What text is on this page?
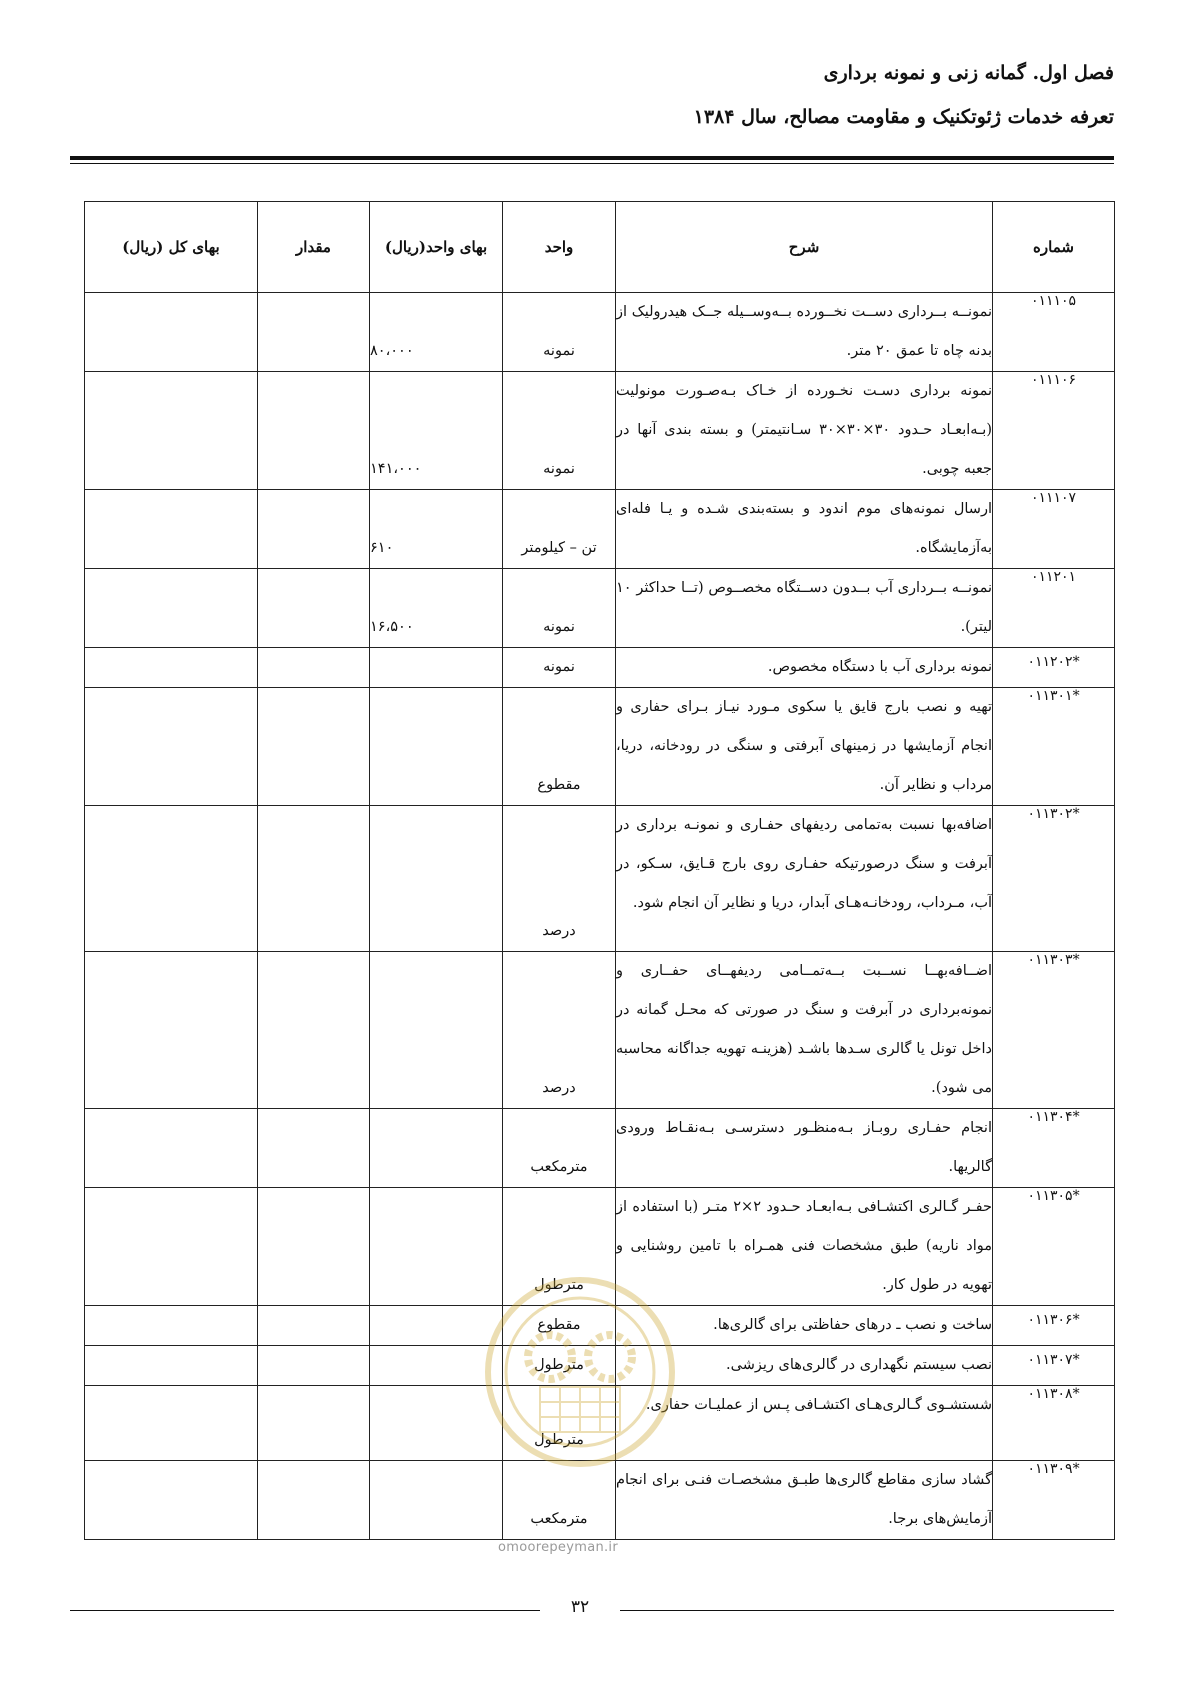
فصل اول. گمانه زنی و نمونه برداری
تعرفه خدمات ژئوتکنیک و مقاومت مصالح، سال ۱۳۸۴
شماره	شرح	واحد	بهای واحد(ریال)	مقدار	بهای کل (ریال)
۰۱۱۱۰۵	نمونــه بــرداری دســت نخــورده بــه‌وســیله جــک هیدرولیک از بدنه چاه تا عمق ۲۰ متر.	نمونه	۸۰،۰۰۰		
۰۱۱۱۰۶	نمونه برداری دسـت نخـورده از خـاک بـه‌صـورت مونولیت (بـه‌ابعـاد حـدود ۳۰×۳۰×۳۰ سـانتیمتر) و بسته بندی آنها در جعبه چوبی.	نمونه	۱۴۱،۰۰۰		
۰۱۱۱۰۷	ارسال نمونه‌های موم اندود و بسته‌بندی شـده و یـا فله‌ای به‌آزمایشگاه.	تن – کیلومتر	۶۱۰		
۰۱۱۲۰۱	نمونــه بــرداری آب بــدون دســتگاه مخصــوص (تــا حداکثر ۱۰ لیتر).	نمونه	۱۶،۵۰۰		
*۰۱۱۲۰۲	نمونه برداری آب با دستگاه مخصوص.	نمونه			
*۰۱۱۳۰۱	تهیه و نصب بارج قایق یا سکوی مـورد نیـاز بـرای حفاری و انجام آزمایشها در زمینهای آبرفتی و سنگی در رودخانه، دریا، مرداب و نظایر آن.	مقطوع			
*۰۱۱۳۰۲	اضافه‌بها نسبت به‌تمامی ردیفهای حفـاری و نمونـه برداری در آبرفت و سنگ درصورتیکه حفـاری روی بارج قـایق، سـکو، در آب، مـرداب، رودخانـه‌هـای آبدار، دریا و نظایر آن انجام شود.	درصد			
*۰۱۱۳۰۳	اضــافه‌بهــا نســبت بــه‌تمــامی ردیفهــای حفــاری و نمونه‌برداری در آبرفت و سنگ در صورتی که محـل گمانه در داخل تونل یا گالری سـدها باشـد (هزینـه تهویه جداگانه محاسبه می شود).	درصد			
*۰۱۱۳۰۴	انجام حفـاری روبـاز بـه‌منظـور دسترسـی بـه‌نقـاط ورودی گالریها.	مترمکعب			
*۰۱۱۳۰۵	حفـر گـالری اکتشـافی بـه‌ابعـاد حـدود ۲×۲ متـر (با استفاده از مواد ناریه) طبق مشخصات فنی همـراه با تامین روشنایی و تهویه در طول کار.	مترطول			
*۰۱۱۳۰۶	ساخت و نصب ـ درهای حفاظتی برای گالری‌ها.	مقطوع			
*۰۱۱۳۰۷	نصب سیستم نگهداری در گالری‌های ریزشی.	مترطول			
*۰۱۱۳۰۸	شستشـوی گـالری‌هـای اکتشـافی پـس از عملیـات حفاری.	مترطول			
*۰۱۱۳۰۹	گشاد سازی مقاطع گالری‌ها طبـق مشخصـات فنـی برای انجام آزمایش‌های برجا.	مترمکعب			
omoorepeyman.ir
۳۲
